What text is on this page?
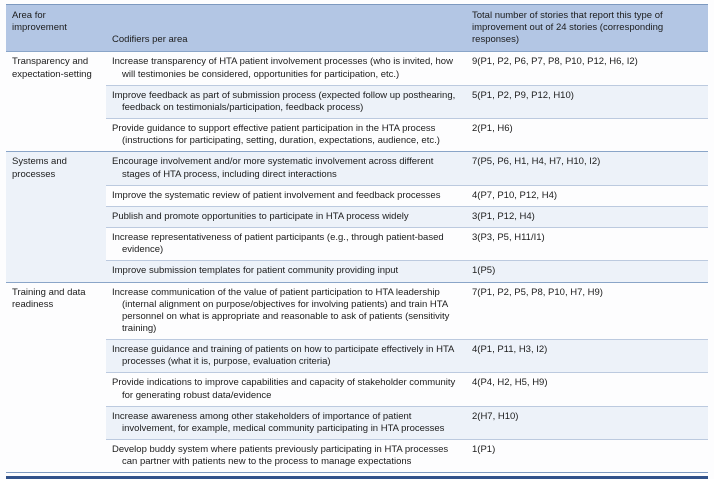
Area for improvement	Codifiers per area	Total number of stories that report this type of improvement out of 24 stories (corresponding responses)
Transparency and expectation-setting	Increase transparency of HTA patient involvement processes (who is invited, how will testimonies be considered, opportunities for participation, etc.)	9(P1, P2, P6, P7, P8, P10, P12, H6, I2)
	Improve feedback as part of submission process (expected follow up posthearing, feedback on testimonials/participation, feedback process)	5(P1, P2, P9, P12, H10)
	Provide guidance to support effective patient participation in the HTA process (instructions for participating, setting, duration, expectations, audience, etc.)	2(P1, H6)
Systems and processes	Encourage involvement and/or more systematic involvement across different stages of HTA process, including direct interactions	7(P5, P6, H1, H4, H7, H10, I2)
	Improve the systematic review of patient involvement and feedback processes	4(P7, P10, P12, H4)
	Publish and promote opportunities to participate in HTA process widely	3(P1, P12, H4)
	Increase representativeness of patient participants (e.g., through patient-based evidence)	3(P3, P5, H11/I1)
	Improve submission templates for patient community providing input	1(P5)
Training and data readiness	Increase communication of the value of patient participation to HTA leadership (internal alignment on purpose/objectives for involving patients) and train HTA personnel on what is appropriate and reasonable to ask of patients (sensitivity training)	7(P1, P2, P5, P8, P10, H7, H9)
	Increase guidance and training of patients on how to participate effectively in HTA processes (what it is, purpose, evaluation criteria)	4(P1, P11, H3, I2)
	Provide indications to improve capabilities and capacity of stakeholder community for generating robust data/evidence	4(P4, H2, H5, H9)
	Increase awareness among other stakeholders of importance of patient involvement, for example, medical community participating in HTA processes	2(H7, H10)
	Develop buddy system where patients previously participating in HTA processes can partner with patients new to the process to manage expectations	1(P1)
